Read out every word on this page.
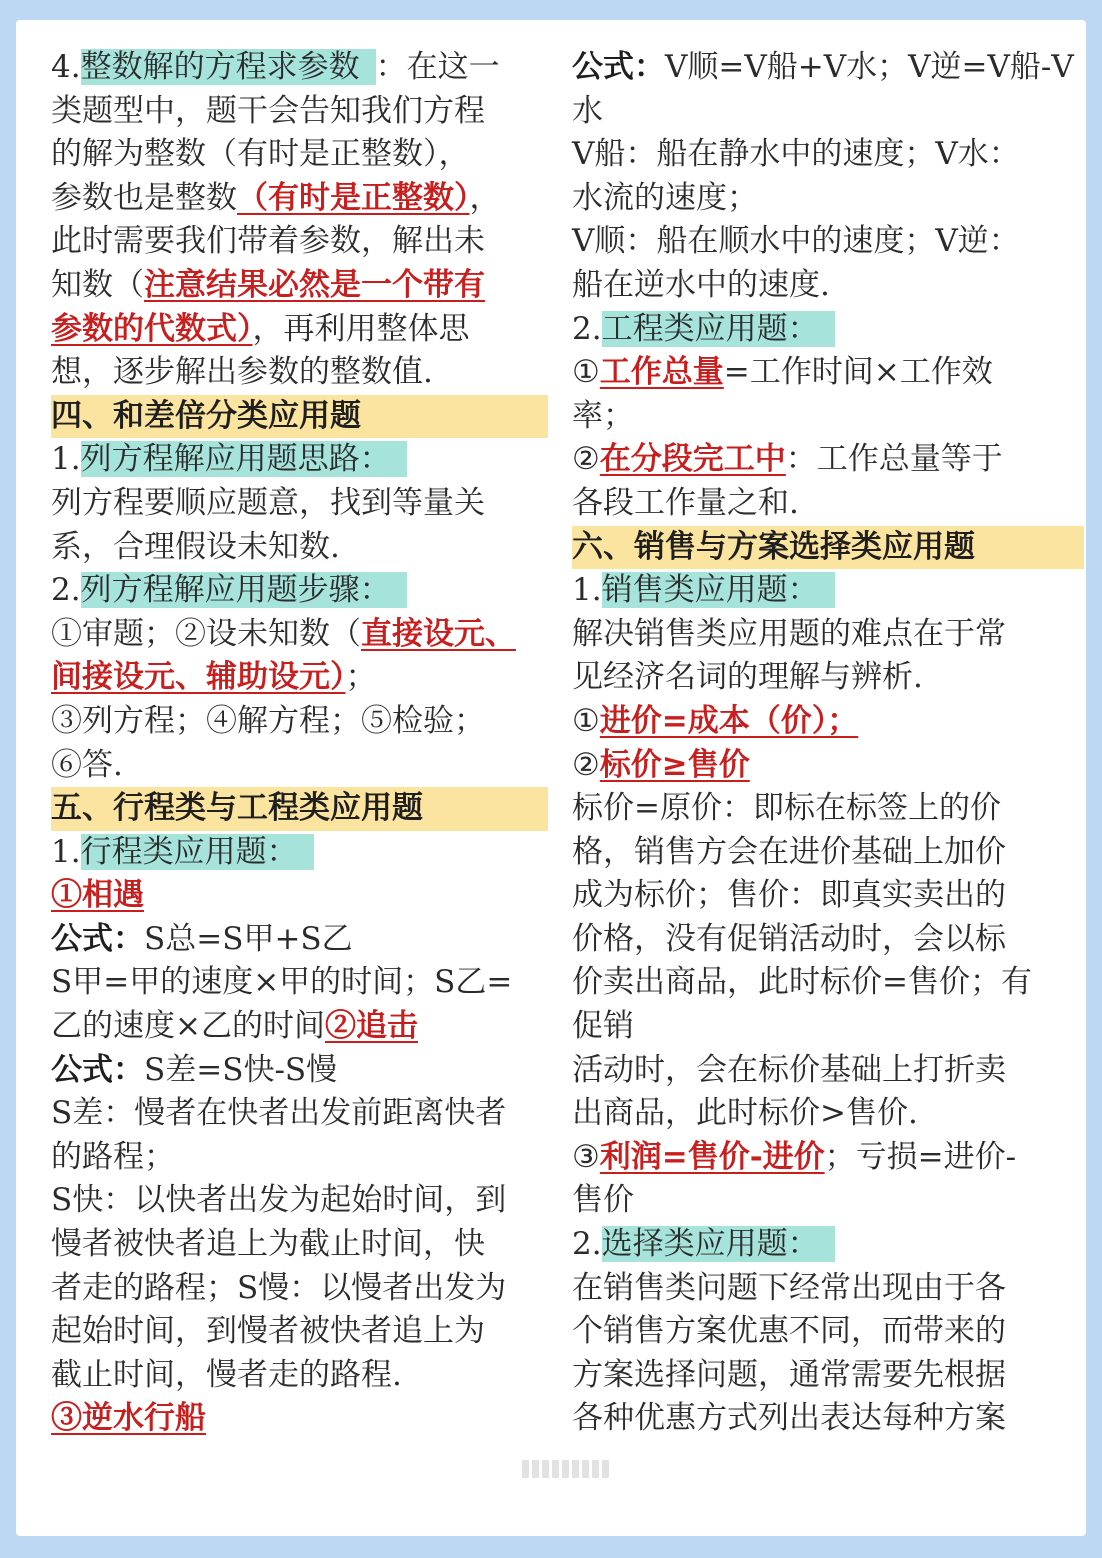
4.整数解的方程求参数 ：在这一
类题型中，题干会告知我们方程
的解为整数（有时是正整数），
参数也是整数（有时是正整数），
此时需要我们带着参数，解出未
知数（注意结果必然是一个带有
参数的代数式），再利用整体思
想，逐步解出参数的整数值.
四、和差倍分类应用题
1.列方程解应用题思路：
列方程要顺应题意，找到等量关
系，合理假设未知数.
2.列方程解应用题步骤：
①审题；②设未知数（直接设元、
间接设元、辅助设元）；
③列方程；④解方程；⑤检验；
⑥答.
五、行程类与工程类应用题
1.行程类应用题：
①相遇
公式：S总=S甲+S乙
S甲=甲的速度×甲的时间；S乙=
乙的速度×乙的时间②追击
公式：S差=S快-S慢
S差：慢者在快者出发前距离快者
的路程；
S快：以快者出发为起始时间，到
慢者被快者追上为截止时间，快
者走的路程；S慢：以慢者出发为
起始时间，到慢者被快者追上为
截止时间，慢者走的路程.
③逆水行船
公式：V顺=V船+V水；V逆=V船-V
水
V船：船在静水中的速度；V水：
水流的速度；
V顺：船在顺水中的速度；V逆：
船在逆水中的速度.
2.工程类应用题：
①工作总量=工作时间×工作效
率；
②在分段完工中：工作总量等于
各段工作量之和.
六、销售与方案选择类应用题
1.销售类应用题：
解决销售类应用题的难点在于常
见经济名词的理解与辨析.
①进价=成本（价）；
②标价≥售价
标价=原价：即标在标签上的价
格，销售方会在进价基础上加价
成为标价；售价：即真实卖出的
价格，没有促销活动时，会以标
价卖出商品，此时标价=售价；有
促销
活动时，会在标价基础上打折卖
出商品，此时标价>售价.
③利润=售价-进价；亏损=进价-
售价
2.选择类应用题：
在销售类问题下经常出现由于各
个销售方案优惠不同，而带来的
方案选择问题，通常需要先根据
各种优惠方式列出表达每种方案
